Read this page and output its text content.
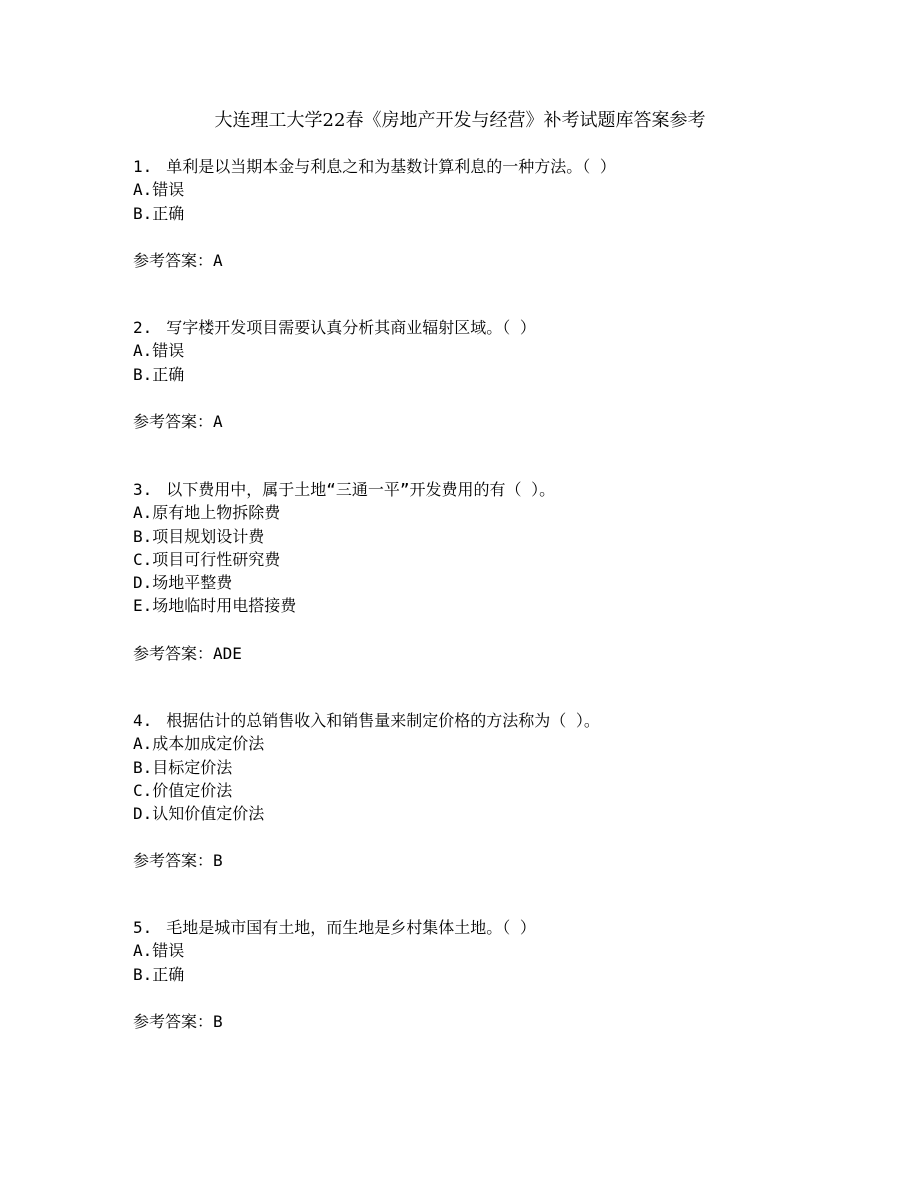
大连理工大学22春《房地产开发与经营》补考试题库答案参考
1. 单利是以当期本金与利息之和为基数计算利息的一种方法。（ ）
A.错误
B.正确
参考答案：A
2. 写字楼开发项目需要认真分析其商业辐射区域。（ ）
A.错误
B.正确
参考答案：A
3. 以下费用中，属于土地“三通一平”开发费用的有（ ）。
A.原有地上物拆除费
B.项目规划设计费
C.项目可行性研究费
D.场地平整费
E.场地临时用电搭接费
参考答案：ADE
4. 根据估计的总销售收入和销售量来制定价格的方法称为（ ）。
A.成本加成定价法
B.目标定价法
C.价值定价法
D.认知价值定价法
参考答案：B
5. 毛地是城市国有土地，而生地是乡村集体土地。（ ）
A.错误
B.正确
参考答案：B
